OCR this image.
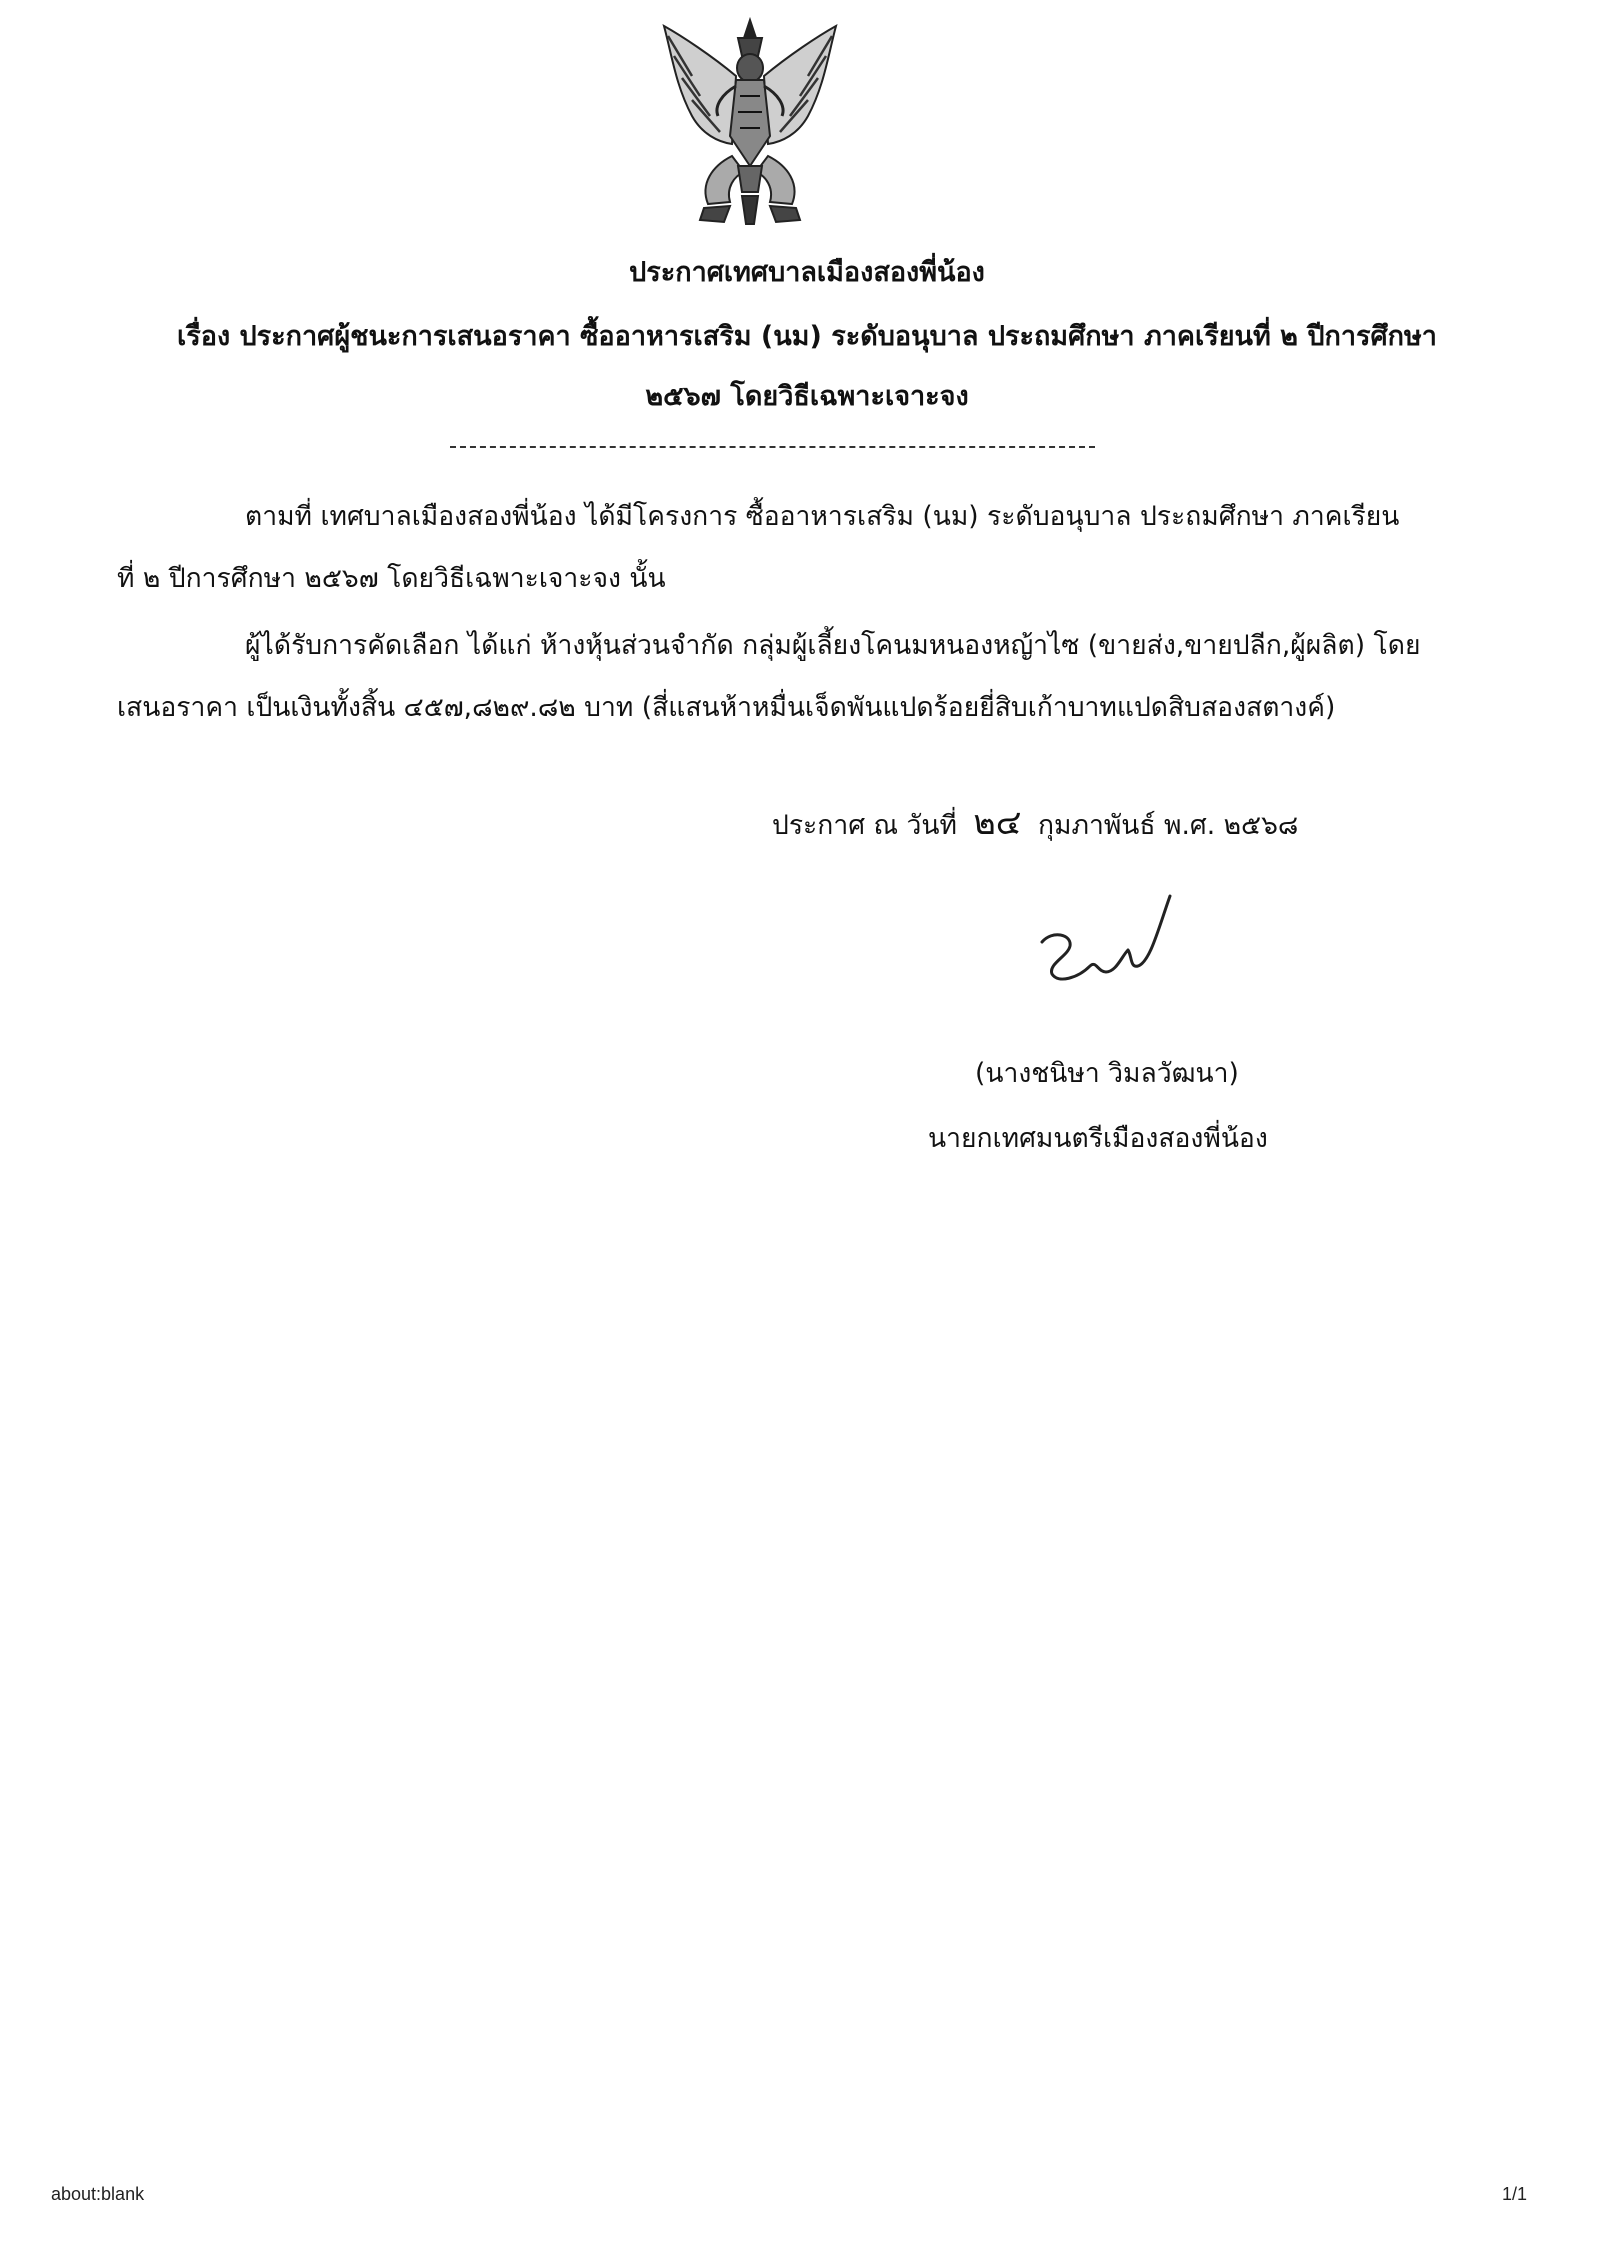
ประกาศเทศบาลเมืองสองพี่น้อง
เรื่อง ประกาศผู้ชนะการเสนอราคา ซื้ออาหารเสริม (นม) ระดับอนุบาล ประถมศึกษา ภาคเรียนที่ ๒ ปีการศึกษา
๒๕๖๗ โดยวิธีเฉพาะเจาะจง
ตามที่ เทศบาลเมืองสองพี่น้อง ได้มีโครงการ ซื้ออาหารเสริม (นม) ระดับอนุบาล ประถมศึกษา ภาคเรียน
ที่ ๒ ปีการศึกษา ๒๕๖๗ โดยวิธีเฉพาะเจาะจง นั้น
ผู้ได้รับการคัดเลือก ได้แก่ ห้างหุ้นส่วนจำกัด กลุ่มผู้เลี้ยงโคนมหนองหญ้าไซ (ขายส่ง,ขายปลีก,ผู้ผลิต) โดย
เสนอราคา เป็นเงินทั้งสิ้น ๔๕๗,๘๒๙.๘๒ บาท (สี่แสนห้าหมื่นเจ็ดพันแปดร้อยยี่สิบเก้าบาทแปดสิบสองสตางค์)
ประกาศ ณ วันที่ ๒๔ กุมภาพันธ์ พ.ศ. ๒๕๖๘
(นางชนิษา วิมลวัฒนา)
นายกเทศมนตรีเมืองสองพี่น้อง
about:blank	1/1
